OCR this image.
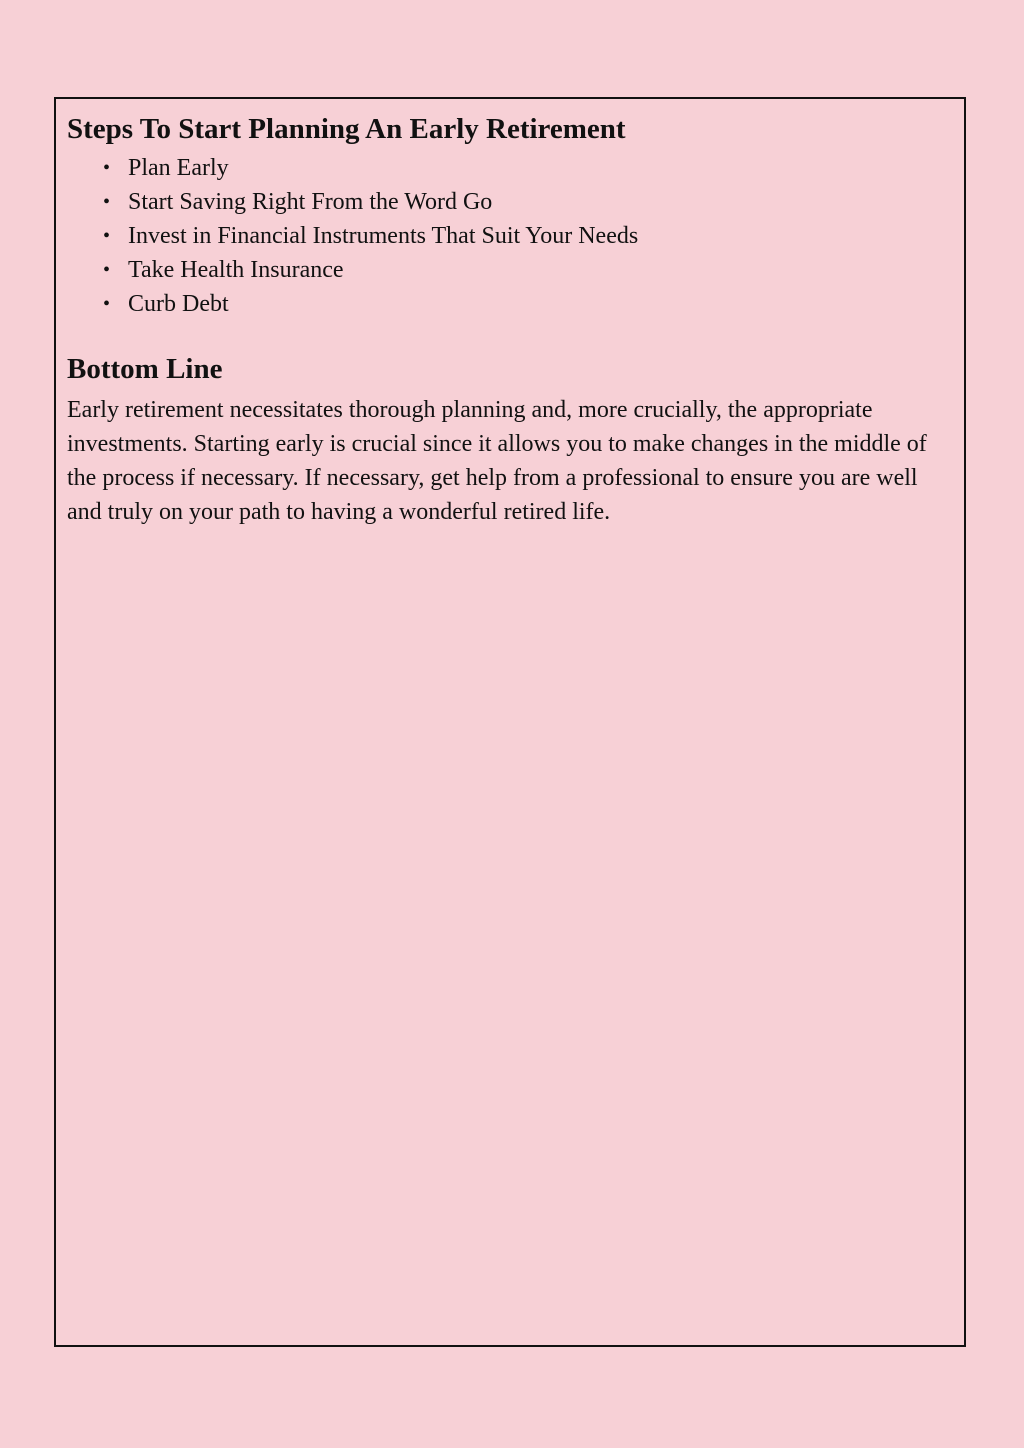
Steps To Start Planning An Early Retirement
• Plan Early
• Start Saving Right From the Word Go
• Invest in Financial Instruments That Suit Your Needs
• Take Health Insurance
• Curb Debt
Bottom Line

Early retirement necessitates thorough planning and, more crucially, the appropriate investments. Starting early is crucial since it allows you to make changes in the middle of the process if necessary. If necessary, get help from a professional to ensure you are well and truly on your path to having a wonderful retired life.
